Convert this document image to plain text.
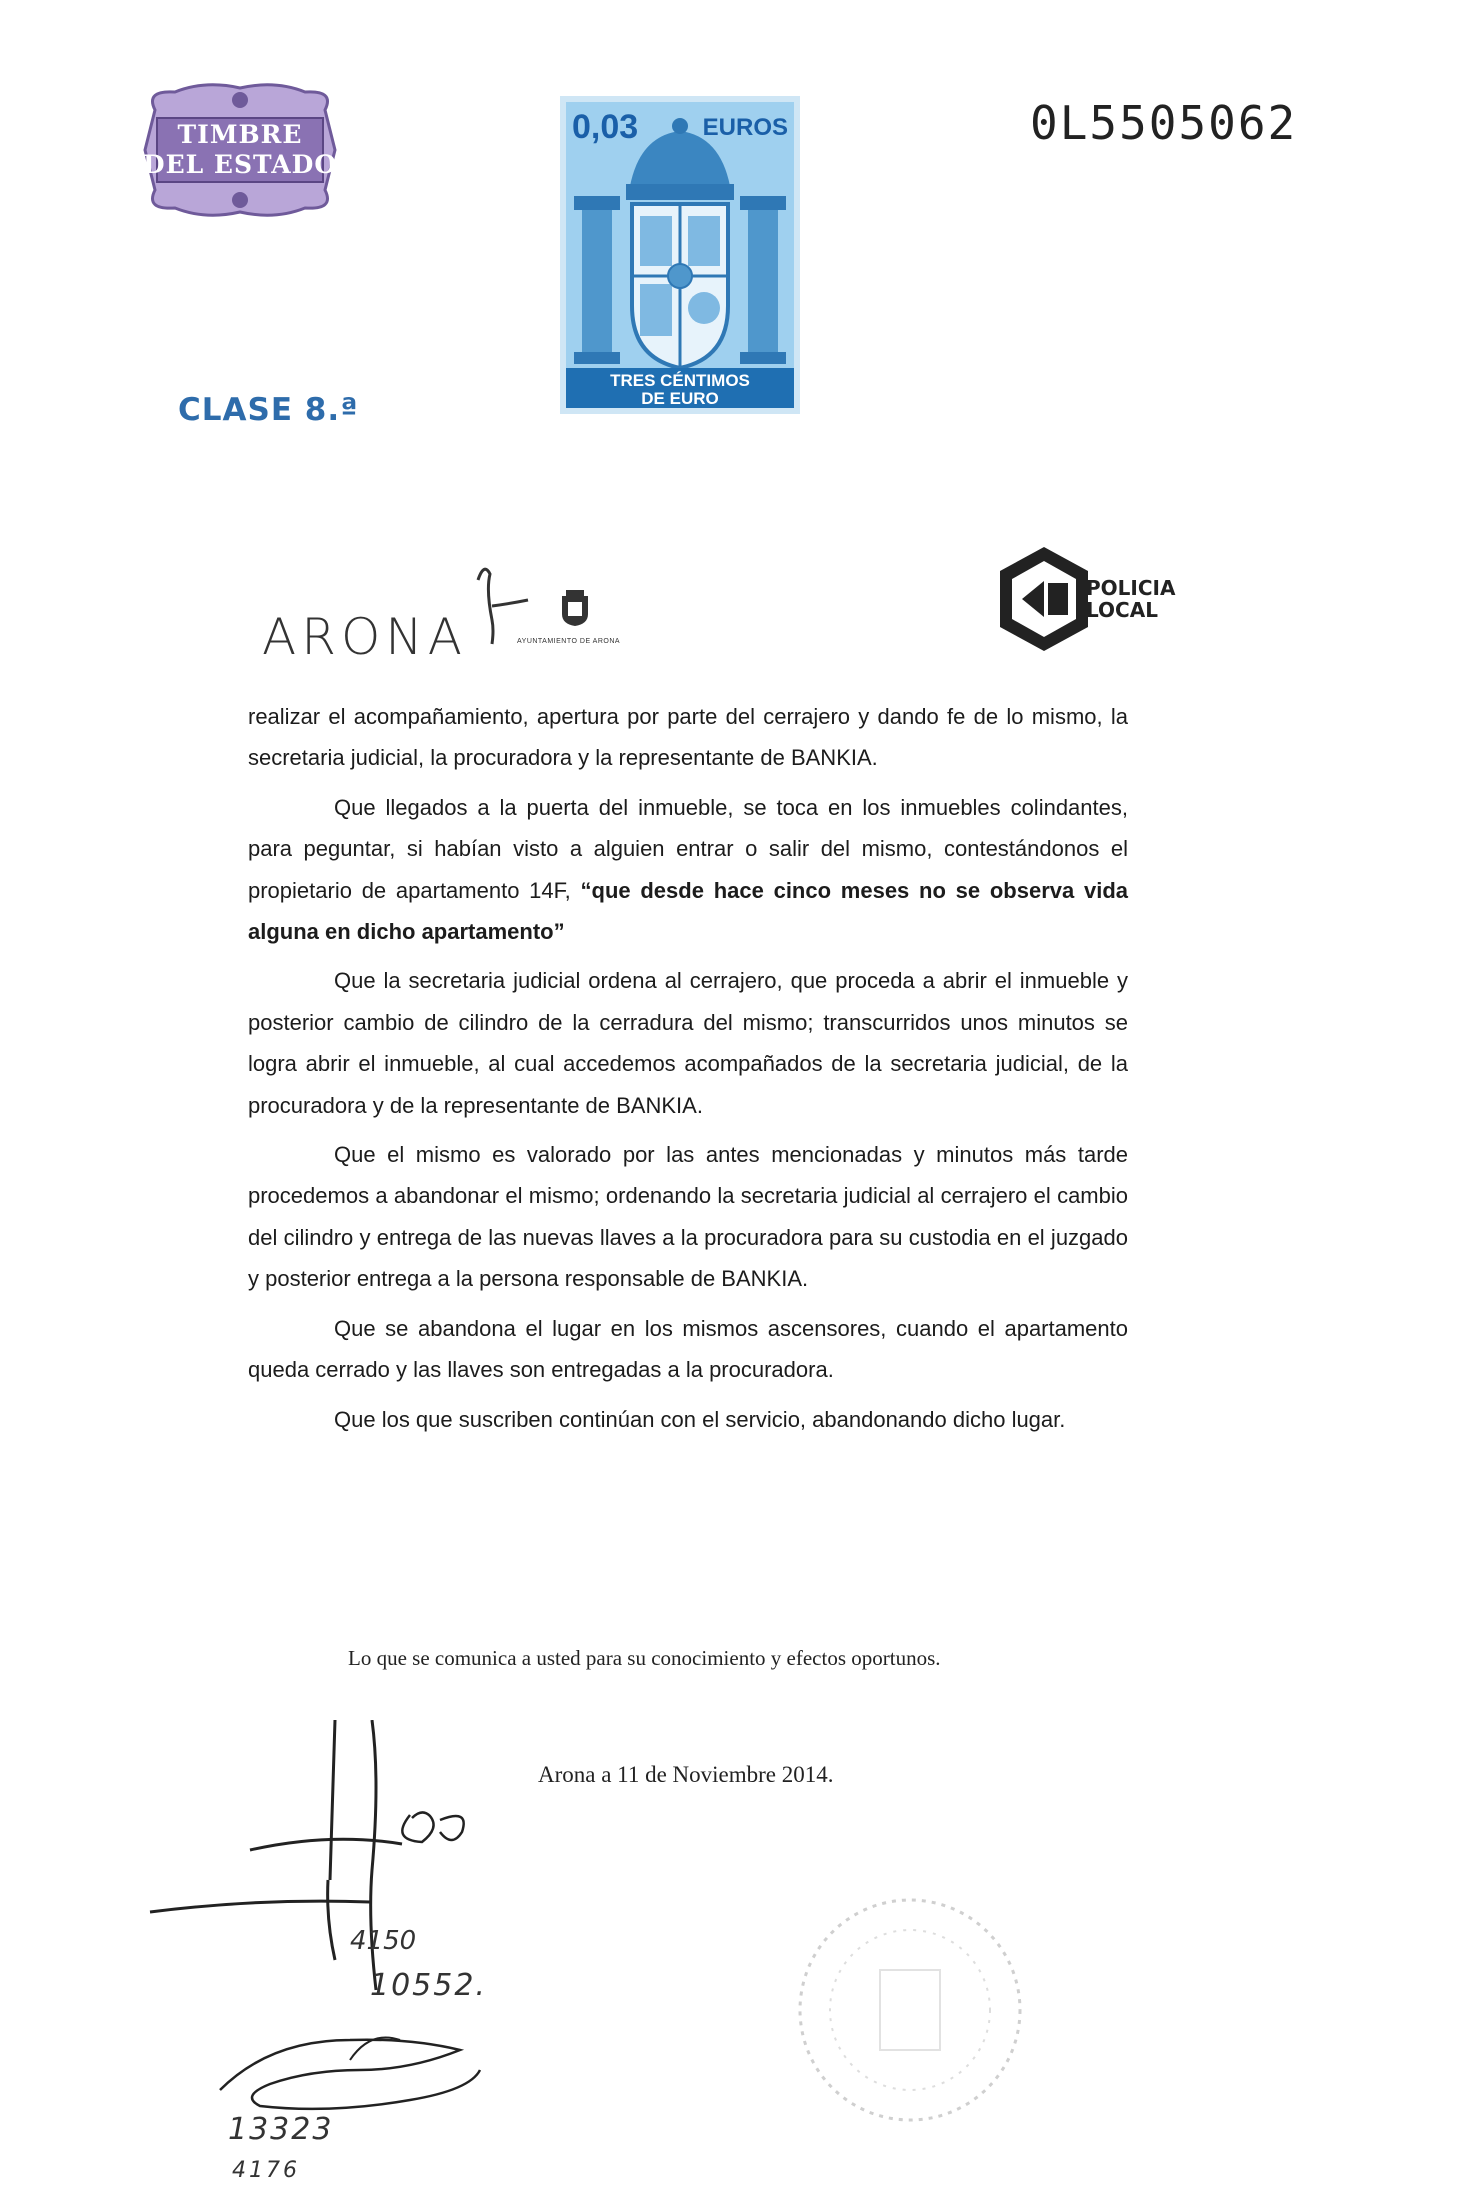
TIMBRE
DEL ESTADO
0,03	EUROS
TRES CÉNTIMOS
DE EURO
0L5505062
CLASE 8.ª
ARONA	AYUNTAMIENTO DE ARONA
POLICIA
LOCAL

realizar el acompañamiento, apertura por parte del cerrajero y dando fe de lo mismo, la secretaria judicial, la procuradora y la representante de BANKIA.

Que llegados a la puerta del inmueble, se toca en los inmuebles colindantes, para peguntar, si habían visto a alguien entrar o salir del mismo, contestándonos el propietario de apartamento 14F, “que desde hace cinco meses no se observa vida alguna en dicho apartamento”

Que la secretaria judicial ordena al cerrajero, que proceda a abrir el inmueble y posterior cambio de cilindro de la cerradura del mismo; transcurridos unos minutos se logra abrir el inmueble, al cual accedemos acompañados de la secretaria judicial, de la procuradora y de la representante de BANKIA.

Que el mismo es valorado por las antes mencionadas y minutos más tarde procedemos a abandonar el mismo; ordenando la secretaria judicial al cerrajero el cambio del cilindro y entrega de las nuevas llaves a la procuradora para su custodia en el juzgado y posterior entrega a la persona responsable de BANKIA.

Que se abandona el lugar en los mismos ascensores, cuando el apartamento queda cerrado y las llaves son entregadas a la procuradora.

Que los que suscriben continúan con el servicio, abandonando dicho lugar.

Lo que se comunica a usted para su conocimiento y efectos oportunos.
Arona a 11 de Noviembre 2014.
4150
10552.
13323
4176
